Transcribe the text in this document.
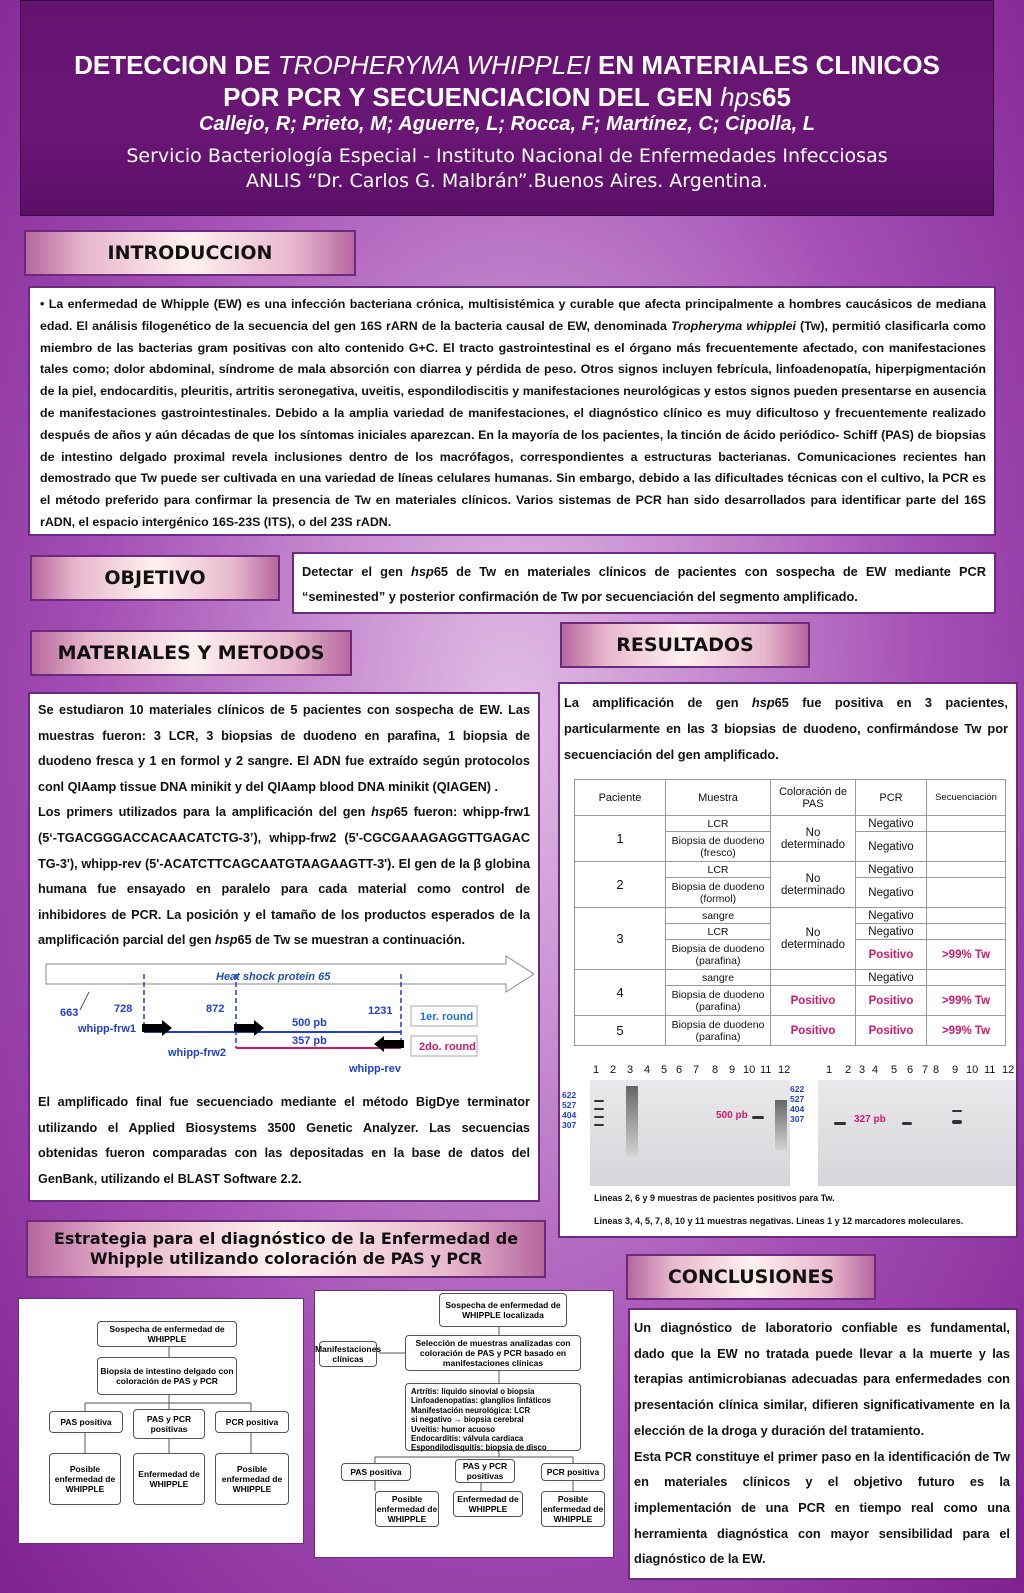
DETECCION DE TROPHERYMA WHIPPLEI EN MATERIALES CLINICOS
POR PCR Y SECUENCIACION DEL GEN hps65
Callejo, R; Prieto, M; Aguerre, L; Rocca, F; Martínez, C; Cipolla, L
Servicio Bacteriología Especial - Instituto Nacional de Enfermedades Infecciosas
ANLIS “Dr. Carlos G. Malbrán”.Buenos Aires. Argentina.
INTRODUCCION
• La enfermedad de Whipple (EW) es una infección bacteriana crónica, multisistémica y curable que afecta principalmente a hombres caucásicos de mediana edad. El análisis filogenético de la secuencia del gen 16S rARN de la bacteria causal de EW, denominada Tropheryma whipplei (Tw), permitió clasificarla como miembro de las bacterias gram positivas con alto contenido G+C. El tracto gastrointestinal es el órgano más frecuentemente afectado, con manifestaciones tales como; dolor abdominal, síndrome de mala absorción con diarrea y pérdida de peso. Otros signos incluyen febrícula, linfoadenopatía, hiperpigmentación de la piel, endocarditis, pleuritis, artritis seronegativa, uveitis, espondilodiscitis y manifestaciones neurológicas y estos signos pueden presentarse en ausencia de manifestaciones gastrointestinales. Debido a la amplia variedad de manifestaciones, el diagnóstico clínico es muy dificultoso y frecuentemente realizado después de años y aún décadas de que los síntomas iniciales aparezcan. En la mayoría de los pacientes, la tinción de ácido periódico- Schiff (PAS) de biopsias de intestino delgado proximal revela inclusiones dentro de los macrófagos, correspondientes a estructuras bacterianas. Comunicaciones recientes han demostrado que Tw puede ser cultivada en una variedad de líneas celulares humanas. Sin embargo, debido a las dificultades técnicas con el cultivo, la PCR es el método preferido para confirmar la presencia de Tw en materiales clínicos. Varios sistemas de PCR han sido desarrollados para identificar parte del 16S rADN, el espacio intergénico 16S-23S (ITS), o del 23S rADN.
OBJETIVO	Detectar el gen hsp65 de Tw en materiales clínicos de pacientes con sospecha de EW mediante PCR “seminested” y posterior confirmación de Tw por secuenciación del segmento amplificado.
MATERIALES Y METODOS
Se estudiaron 10 materiales clínicos de 5 pacientes con sospecha de EW. Las muestras fueron: 3 LCR, 3 biopsias de duodeno en parafina, 1 biopsia de duodeno fresca y 1 en formol y 2 sangre. El ADN fue extraído según protocolos conl QIAamp tissue DNA minikit y del QIAamp blood DNA minikit (QIAGEN) .
Los primers utilizados para la amplificación del gen hsp65 fueron: whipp-frw1 (5‘-TGACGGGACCACAACATCTG-3’), whipp-frw2 (5'-CGCGAAAGAGGTTGAGAC TG-3'), whipp-rev (5'-ACATCTTCAGCAATGTAAGAAGTT-3'). El gen de la β globina humana fue ensayado en paralelo para cada material como control de inhibidores de PCR. La posición y el tamaño de los productos esperados de la amplificación parcial del gen hsp65 de Tw se muestran a continuación.
Heat shock protein 65
663	728	872	1231
whipp-frw1
whipp-frw2
whipp-rev
500 pb
357 pb
1er. round
2do. round
El amplificado final fue secuenciado mediante el método BigDye terminator utilizando el Applied Biosystems 3500 Genetic Analyzer. Las secuencias obtenidas fueron comparadas con las depositadas en la base de datos del GenBank, utilizando el BLAST Software 2.2.
RESULTADOS
La amplificación de gen hsp65 fue positiva en 3 pacientes, particularmente en las 3 biopsias de duodeno, confirmándose Tw por secuenciación del gen amplificado.
Paciente	Muestra	Coloración de PAS	PCR	Secuenciación
1	LCR	No determinado	Negativo	
	Biopsia de duodeno (fresco)		Negativo	
2	LCR	No determinado	Negativo	
	Biopsia de duodeno (formol)		Negativo	
3	sangre	No determinado	Negativo	
	LCR		Negativo	
	Biopsia de duodeno (parafina)		Positivo	>99% Tw
4	sangre		Negativo	
	Biopsia de duodeno (parafina)	Positivo	Positivo	>99% Tw
5	Biopsia de duodeno (parafina)	Positivo	Positivo	>99% Tw
1 2 3 4 5 6 7 8 9 10 11 12	1 2 3 4 5 6 7 8 9 10 11 12
500 pb
622
527
404
307	327 pb
622
527
404
307
Lineas 2, 6 y 9 muestras de pacientes positivos para Tw.
Lineas 3, 4, 5, 7, 8, 10 y 11 muestras negativas. Lineas 1 y 12 marcadores moleculares.
Estrategia para el diagnóstico de la Enfermedad de
Whipple utilizando coloración de PAS y PCR
Sospecha de enfermedad de WHIPPLE
Biopsia de intestino delgado con coloración de PAS y PCR
PAS positiva	PAS y PCR positivas
PCR positiva
Posible enfermedad de WHIPPLE
Enfermedad de WHIPPLE
Posible enfermedad de WHIPPLE
Sospecha de enfermedad de WHIPPLE localizada
Manifestaciones clínicas
Selección de muestras analizadas con coloración de PAS y PCR basado en manifestaciones clínicas
Artritis: líquido sinovial o biopsia
Linfoadenopatías: glanglios linfáticos
Manifestación neurológica: LCR
si negativo → biopsia cerebral
Uveitis: humor acuoso
Endocarditis: válvula cardiaca
Espondilodisquitis: biopsia de disco
PAS positiva
PAS y PCR positivas	PCR positiva
Posible enfermedad de WHIPPLE
Enfermedad de WHIPPLE
Posible enfermedad de WHIPPLE
CONCLUSIONES
Un diagnóstico de laboratorio confiable es fundamental, dado que la EW no tratada puede llevar a la muerte y las terapias antimicrobianas adecuadas para enfermedades con presentación clínica similar, difieren significativamente en la elección de la droga y duración del tratamiento.
Esta PCR constituye el primer paso en la identificación de Tw en materiales clínicos y el objetivo futuro es la implementación de una PCR en tiempo real como una herramienta diagnóstica con mayor sensibilidad para el diagnóstico de la EW.
